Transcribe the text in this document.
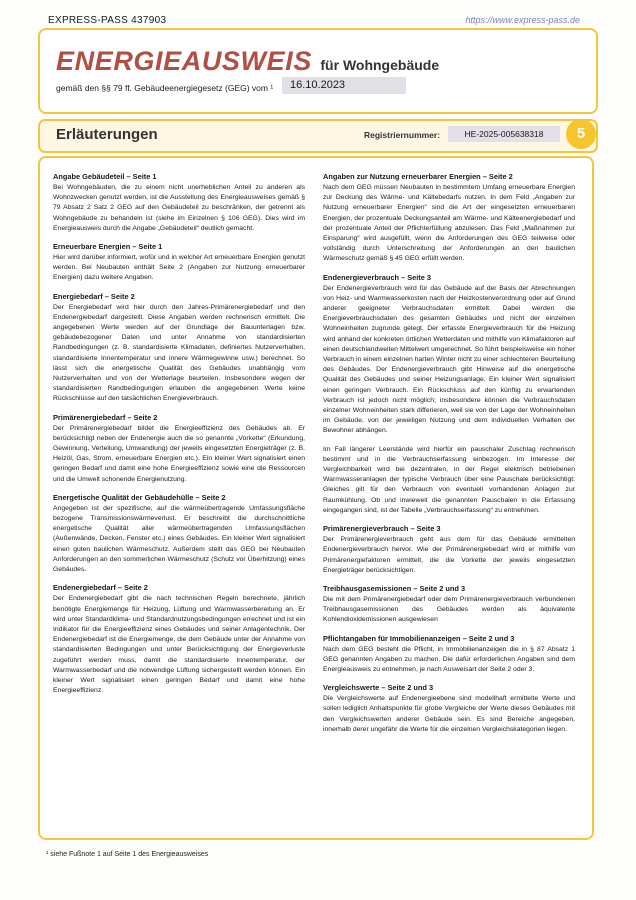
EXPRESS-PASS 437903	https://www.express-pass.de
ENERGIEAUSWEIS für Wohngebäude
gemäß den §§ 79 ff. Gebäudeenergiegesetz (GEG) vom ¹	16.10.2023
Erläuterungen	Registriernummer:	HE-2025-005638318	5
Angabe Gebäudeteil – Seite 1

Bei Wohngebäuden, die zu einem nicht unerheblichen Anteil zu anderen als Wohnzwecken genutzt werden, ist die Ausstellung des Energieausweises gemäß § 79 Absatz 2 Satz 2 GEG auf den Gebäudeteil zu beschränken, der getrennt als Wohngebäude zu behandeln ist (siehe im Einzelnen § 106 GEG). Dies wird im Energieausweis durch die Angabe „Gebäudeteil“ deutlich gemacht.

Erneuerbare Energien – Seite 1

Hier wird darüber informiert, wofür und in welcher Art erneuerbare Energien genutzt werden. Bei Neubauten enthält Seite 2 (Angaben zur Nutzung erneuerbarer Energien) dazu weitere Angaben.

Energiebedarf – Seite 2

Der Energiebedarf wird hier durch den Jahres-Primärenergiebedarf und den Endenergiebedarf dargestellt. Diese Angaben werden rechnerisch ermittelt. Die angegebenen Werte werden auf der Grundlage der Bauunterlagen bzw. gebäudebezogener Daten und unter Annahme von standardisierten Randbedingungen (z. B. standardisierte Klimadaten, definiertes Nutzerverhalten, standardisierte Innentemperatur und innere Wärmegewinne usw.) berechnet. So lässt sich die energetische Qualität des Gebäudes unabhängig vom Nutzerverhalten und von der Wetterlage beurteilen. Insbesondere wegen der standardisierten Randbedingungen erlauben die angegebenen Werte keine Rückschlüsse auf den tatsächlichen Energieverbrauch.

Primärenergiebedarf – Seite 2

Der Primärenergiebedarf bildet die Energieeffizienz des Gebäudes ab. Er berücksichtigt neben der Endenergie auch die so genannte „Vorkette“ (Erkundung, Gewinnung, Verteilung, Umwandlung) der jeweils eingesetzten Energieträger (z. B. Heizöl, Gas, Strom, erneuerbare Energien etc.). Ein kleiner Wert signalisiert einen geringen Bedarf und damit eine hohe Energieeffizienz sowie eine die Ressourcen und die Umwelt schonende Energienutzung.

Energetische Qualität der Gebäudehülle – Seite 2

Angegeben ist der spezifische, auf die wärmeübertragende Umfassungsfläche bezogene Transmissionswärmeverlust. Er beschreibt die durchschnittliche energetische Qualität aller wärmeübertragenden Umfassungsflächen (Außenwände, Decken, Fenster etc.) eines Gebäudes. Ein kleiner Wert signalisiert einen guten baulichen Wärmeschutz. Außerdem stellt das GEG bei Neubauten Anforderungen an den sommerlichen Wärmeschutz (Schutz vor Überhitzung) eines Gebäudes.

Endenergiebedarf – Seite 2

Der Endenergiebedarf gibt die nach technischen Regeln berechnete, jährlich benötigte Energiemenge für Heizung, Lüftung und Warmwasserbereitung an. Er wird unter Standardklima- und Standardnutzungsbedingungen errechnet und ist ein Indikator für die Energieeffizienz eines Gebäudes und seiner Anlagentechnik. Der Endenergiebedarf ist die Energiemenge, die dem Gebäude unter der Annahme von standardisierten Bedingungen und unter Berücksichtigung der Energieverluste zugeführt werden muss, damit die standardisierte Innentemperatur, der Warmwasserbedarf und die notwendige Lüftung sichergestellt werden können. Ein kleiner Wert signalisiert einen geringen Bedarf und damit eine hohe Energieeffizienz.

Angaben zur Nutzung erneuerbarer Energien – Seite 2

Nach dem GEG müssen Neubauten in bestimmtem Umfang erneuerbare Energien zur Deckung des Wärme- und Kältebedarfs nutzen. In dem Feld „Angaben zur Nutzung erneuerbarer Energien“ sind die Art der eingesetzten erneuerbaren Energien, der prozentuale Deckungsanteil am Wärme- und Kälteenergiebedarf und der prozentuale Anteil der Pflichterfüllung abzulesen. Das Feld „Maßnahmen zur Einsparung“ wird ausgefüllt, wenn die Anforderungen des GEG teilweise oder vollständig durch Unterschreitung der Anforderungen an den baulichen Wärmeschutz gemäß § 45 GEG erfüllt werden.

Endenergieverbrauch – Seite 3

Der Endenergieverbrauch wird für das Gebäude auf der Basis der Abrechnungen von Heiz- und Warmwasserkosten nach der Heizkostenverordnung oder auf Grund anderer geeigneter Verbrauchsdaten ermittelt. Dabei werden die Energieverbrauchsdaten des gesamten Gebäudes und nicht der einzelnen Wohneinheiten zugrunde gelegt. Der erfasste Energieverbrauch für die Heizung wird anhand der konkreten örtlichen Wetterdaten und mithilfe von Klimafaktoren auf einen deutschlandweiten Mittelwert umgerechnet. So führt beispielsweise ein hoher Verbrauch in einem einzelnen harten Winter nicht zu einer schlechteren Beurteilung des Gebäudes. Der Endenergieverbrauch gibt Hinweise auf die energetische Qualität des Gebäudes und seiner Heizungsanlage. Ein kleiner Wert signalisiert einen geringen Verbrauch. Ein Rückschluss auf den künftig zu erwartenden Verbrauch ist jedoch nicht möglich; insbesondere können die Verbrauchsdaten einzelner Wohneinheiten stark differieren, weil sie von der Lage der Wohneinheiten im Gebäude, von der jeweiligen Nutzung und dem individuellen Verhalten der Bewohner abhängen.

Im Fall längerer Leerstände wird hierfür ein pauschaler Zuschlag rechnerisch bestimmt und in die Verbrauchserfassung einbezogen. Im Interesse der Vergleichbarkeit wird bei dezentralen, in der Regel elektrisch betriebenen Warmwasseranlagen der typische Verbrauch über eine Pauschale berücksichtigt: Gleiches gilt für den Verbrauch von eventuell vorhandenen Anlagen zur Raumkühlung. Ob und inwieweit die genannten Pauschalen in die Erfassung eingegangen sind, ist der Tabelle „Verbrauchserfassung“ zu entnehmen.

Primärenergieverbrauch – Seite 3

Der Primärenergieverbrauch geht aus dem für das Gebäude ermittelten Endenergieverbrauch hervor. Wie der Primärenergiebedarf wird er mithilfe von Primärenergiefaktoren ermittelt, die die Vorkette der jeweils eingesetzten Energieträger berücksichtigen.

Treibhausgasemissionen – Seite 2 und 3

Die mit dem Primärenergiebedarf oder dem Primärenergieverbrauch verbundenen Treibhausgasemissionen des Gebäudes werden als äquivalente Kohlendioxidemissionen ausgewiesen

Pflichtangaben für Immobilienanzeigen – Seite 2 und 3

Nach dem GEG besteht die Pflicht, in Immobilienanzeigen die in § 87 Absatz 1 GEG genannten Angaben zu machen. Die dafür erforderlichen Angaben sind dem Energieausweis zu entnehmen, je nach Ausweisart der Seite 2 oder 3.

Vergleichswerte – Seite 2 und 3

Die Vergleichswerte auf Endenergieebene sind modellhaft ermittelte Werte und sollen lediglich Anhaltspunkte für grobe Vergleiche der Werte dieses Gebäudes mit den Vergleichswerten anderer Gebäude sein. Es sind Bereiche angegeben, innerhalb derer ungefähr die Werte für die einzelnen Vergleichskategorien liegen.

¹ siehe Fußnote 1 auf Seite 1 des Energieausweises
